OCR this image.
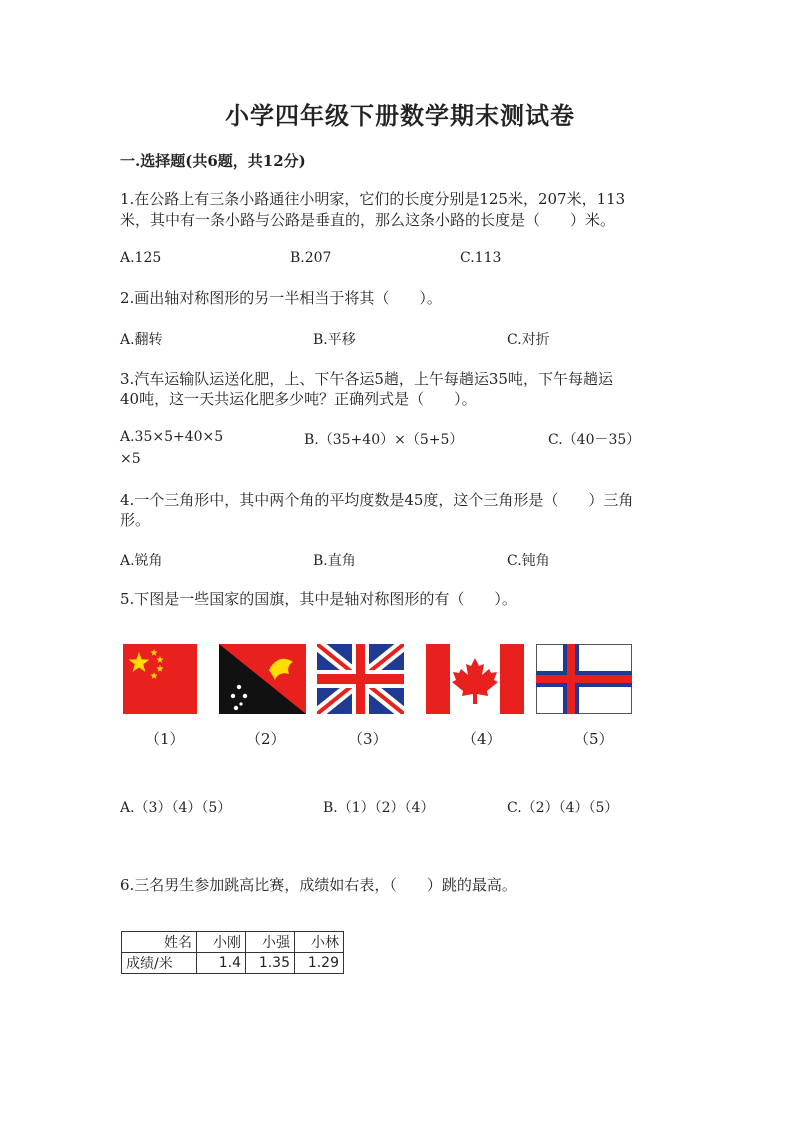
小学四年级下册数学期末测试卷
一.选择题(共6题，共12分)
1.在公路上有三条小路通往小明家，它们的长度分别是125米，207米，113
米，其中有一条小路与公路是垂直的，那么这条小路的长度是（　　）米。
A.125	B.207	C.113
2.画出轴对称图形的另一半相当于将其（　　）。
A.翻转	B.平移	C.对折
3.汽车运输队运送化肥，上、下午各运5趟，上午每趟运35吨，下午每趟运
40吨，这一天共运化肥多少吨？正确列式是（　　）。
A.35×5+40×5	B.（35+40）×（5+5）	C.（40－35）
×5
4.一个三角形中，其中两个角的平均度数是45度，这个三角形是（　　）三角
形。
A.锐角	B.直角	C.钝角
5.下图是一些国家的国旗，其中是轴对称图形的有（　　）。
（1）	（2）	（3）	（4）	（5）
A.（3）（4）（5）	B.（1）（2）（4）	C.（2）（4）（5）
6.三名男生参加跳高比赛，成绩如右表，（　　）跳的最高。
姓名	小刚	小强	小林
成绩/米	1.4	1.35	1.29
